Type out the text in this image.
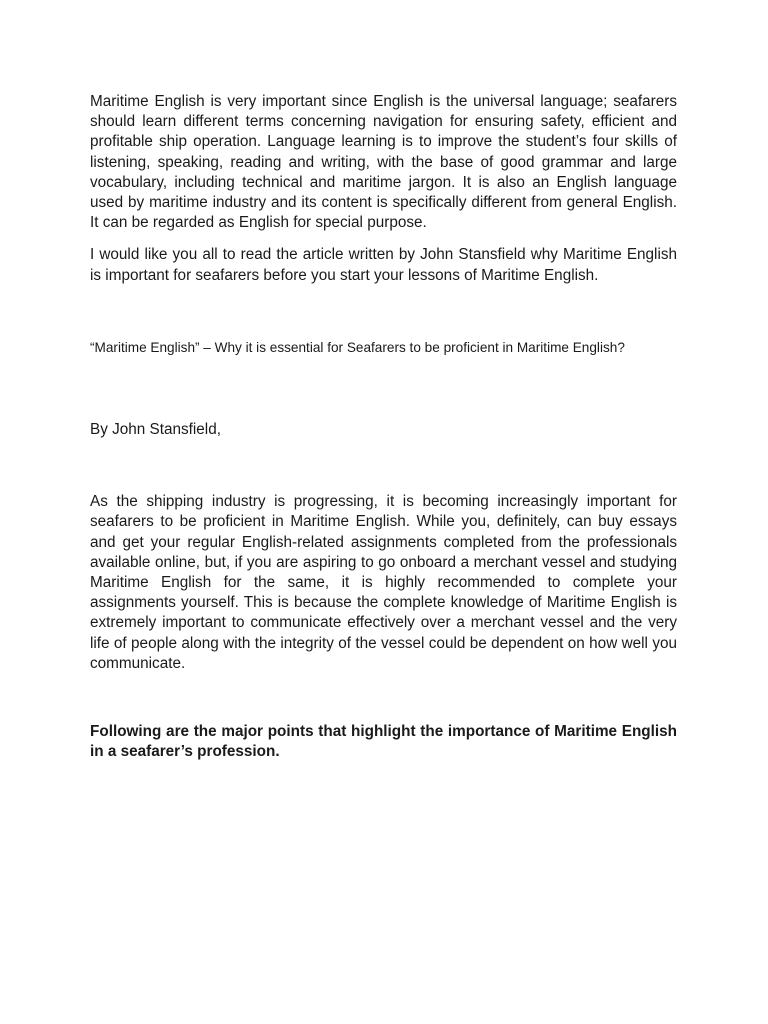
Maritime English is very important since English is the universal language; seafarers should learn different terms concerning navigation for ensuring safety, efficient and profitable ship operation. Language learning is to improve the student’s four skills of listening, speaking, reading and writing, with the base of good grammar and large vocabulary, including technical and maritime jargon. It is also an English language used by maritime industry and its content is specifically different from general English. It can be regarded as English for special purpose.

I would like you all to read the article written by John Stansfield why Maritime English is important for seafarers before you start your lessons of Maritime English.

“Maritime English” – Why it is essential for Seafarers to be proficient in Maritime English?

By John Stansfield,

As the shipping industry is progressing, it is becoming increasingly important for seafarers to be proficient in Maritime English. While you, definitely, can buy essays and get your regular English-related assignments completed from the professionals available online, but, if you are aspiring to go onboard a merchant vessel and studying Maritime English for the same, it is highly recommended to complete your assignments yourself. This is because the complete knowledge of Maritime English is extremely important to communicate effectively over a merchant vessel and the very life of people along with the integrity of the vessel could be dependent on how well you communicate.

Following are the major points that highlight the importance of Maritime English in a seafarer’s profession.
